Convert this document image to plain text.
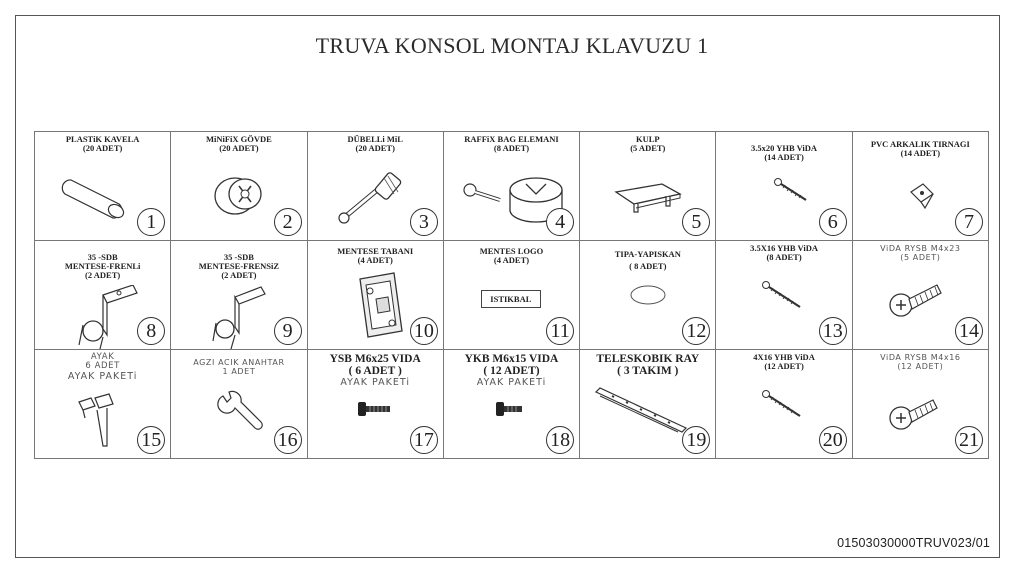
TRUVA KONSOL MONTAJ KLAVUZU 1
PLASTiK KAVELA
(20 ADET)
1
MiNiFiX GÖVDE
(20 ADET)
2
DÜBELLi MiL
(20 ADET)
3
RAFFiX BAG ELEMANI
(8 ADET)
4
KULP
(5 ADET)
5
3.5x20 YHB ViDA
(14 ADET)
6
PVC ARKALIK TIRNAGI
(14 ADET)
7
35 -SDB
MENTESE-FRENLi
(2 ADET)
8
35 -SDB
MENTESE-FRENSiZ
(2 ADET)
9
MENTESE TABANI
(4 ADET)
10
MENTES LOGO
(4 ADET)
ISTIKBAL
11
TIPA-YAPISKAN
( 8 ADET)
12
3.5X16 YHB ViDA
(8 ADET)
13
ViDA RYSB M4x23
(5 ADET)
14
AYAK
6 ADET
AYAK PAKETi
15
AGZI ACIK ANAHTAR
1 ADET
16
YSB M6x25 VIDA
( 6 ADET )
AYAK PAKETi
17
YKB M6x15 VIDA
( 12 ADET)
AYAK PAKETi
18
TELESKOBIK RAY
( 3 TAKIM )
19
4X16 YHB ViDA
(12 ADET)
20
ViDA RYSB M4x16
(12 ADET)
21
01503030000TRUV023/01
